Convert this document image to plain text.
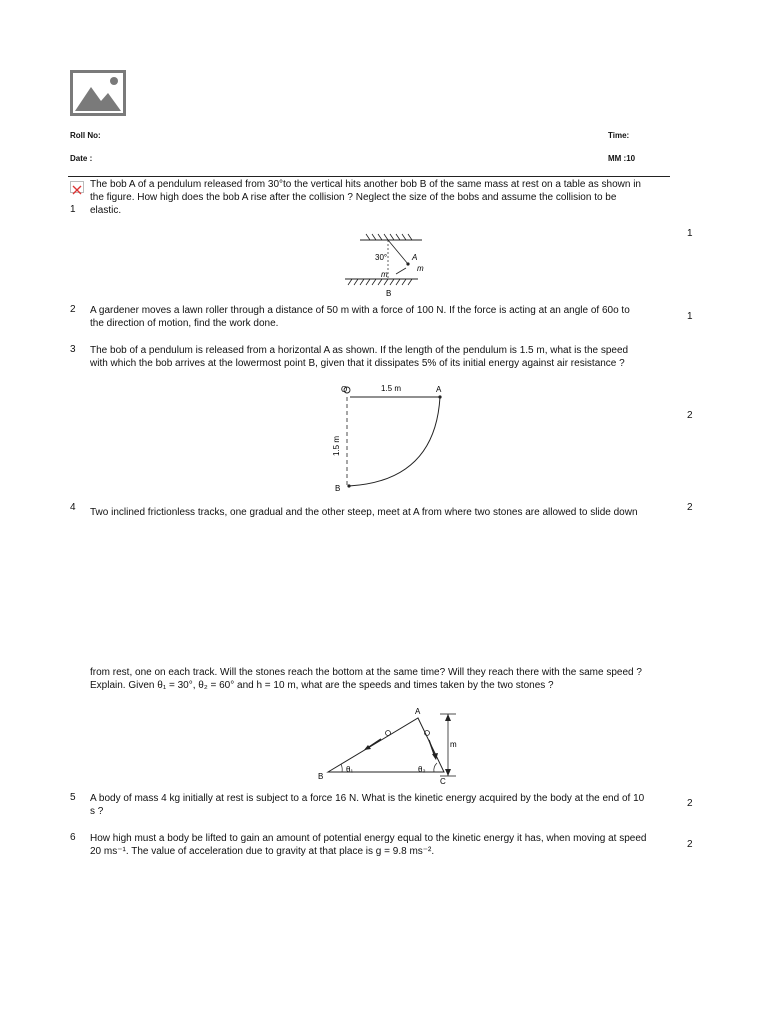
Roll No:	Time:
Date :	MM :10
The bob A of a pendulum released from 30°to the vertical hits another bob B of the same mass at rest on a table as shown in
the figure. How high does the bob A rise after the collision ? Neglect the size of the bobs and assume the collision to be
elastic.
1
1
30°	A
m
m
B
2 A gardener moves a lawn roller through a distance of 50 m with a force of 100 N. If the force is acting at an angle of 60o to
the direction of motion, find the work done.
1
3 The bob of a pendulum is released from a horizontal A as shown. If the length of the pendulum is 1.5 m, what is the speed
with which the bob arrives at the lowermost point B, given that it dissipates 5% of its initial energy against air resistance ?
2
O	A
1.5 m
1.5 m
B
4 Two inclined frictionless tracks, one gradual and the other steep, meet at A from where two stones are allowed to slide down	2
from rest, one on each track. Will the stones reach the bottom at the same time? Will they reach there with the same speed ?
Explain. Given θ₁ = 30°, θ₂ = 60° and h = 10 m, what are the speeds and times taken by the two stones ?
A
B
C
m
θ₁	θ₂
5 A body of mass 4 kg initially at rest is subject to a force 16 N. What is the kinetic energy acquired by the body at the end of 10
s ?
2
6 How high must a body be lifted to gain an amount of potential energy equal to the kinetic energy it has, when moving at speed
20 ms⁻¹. The value of acceleration due to gravity at that place is g = 9.8 ms⁻².
2
